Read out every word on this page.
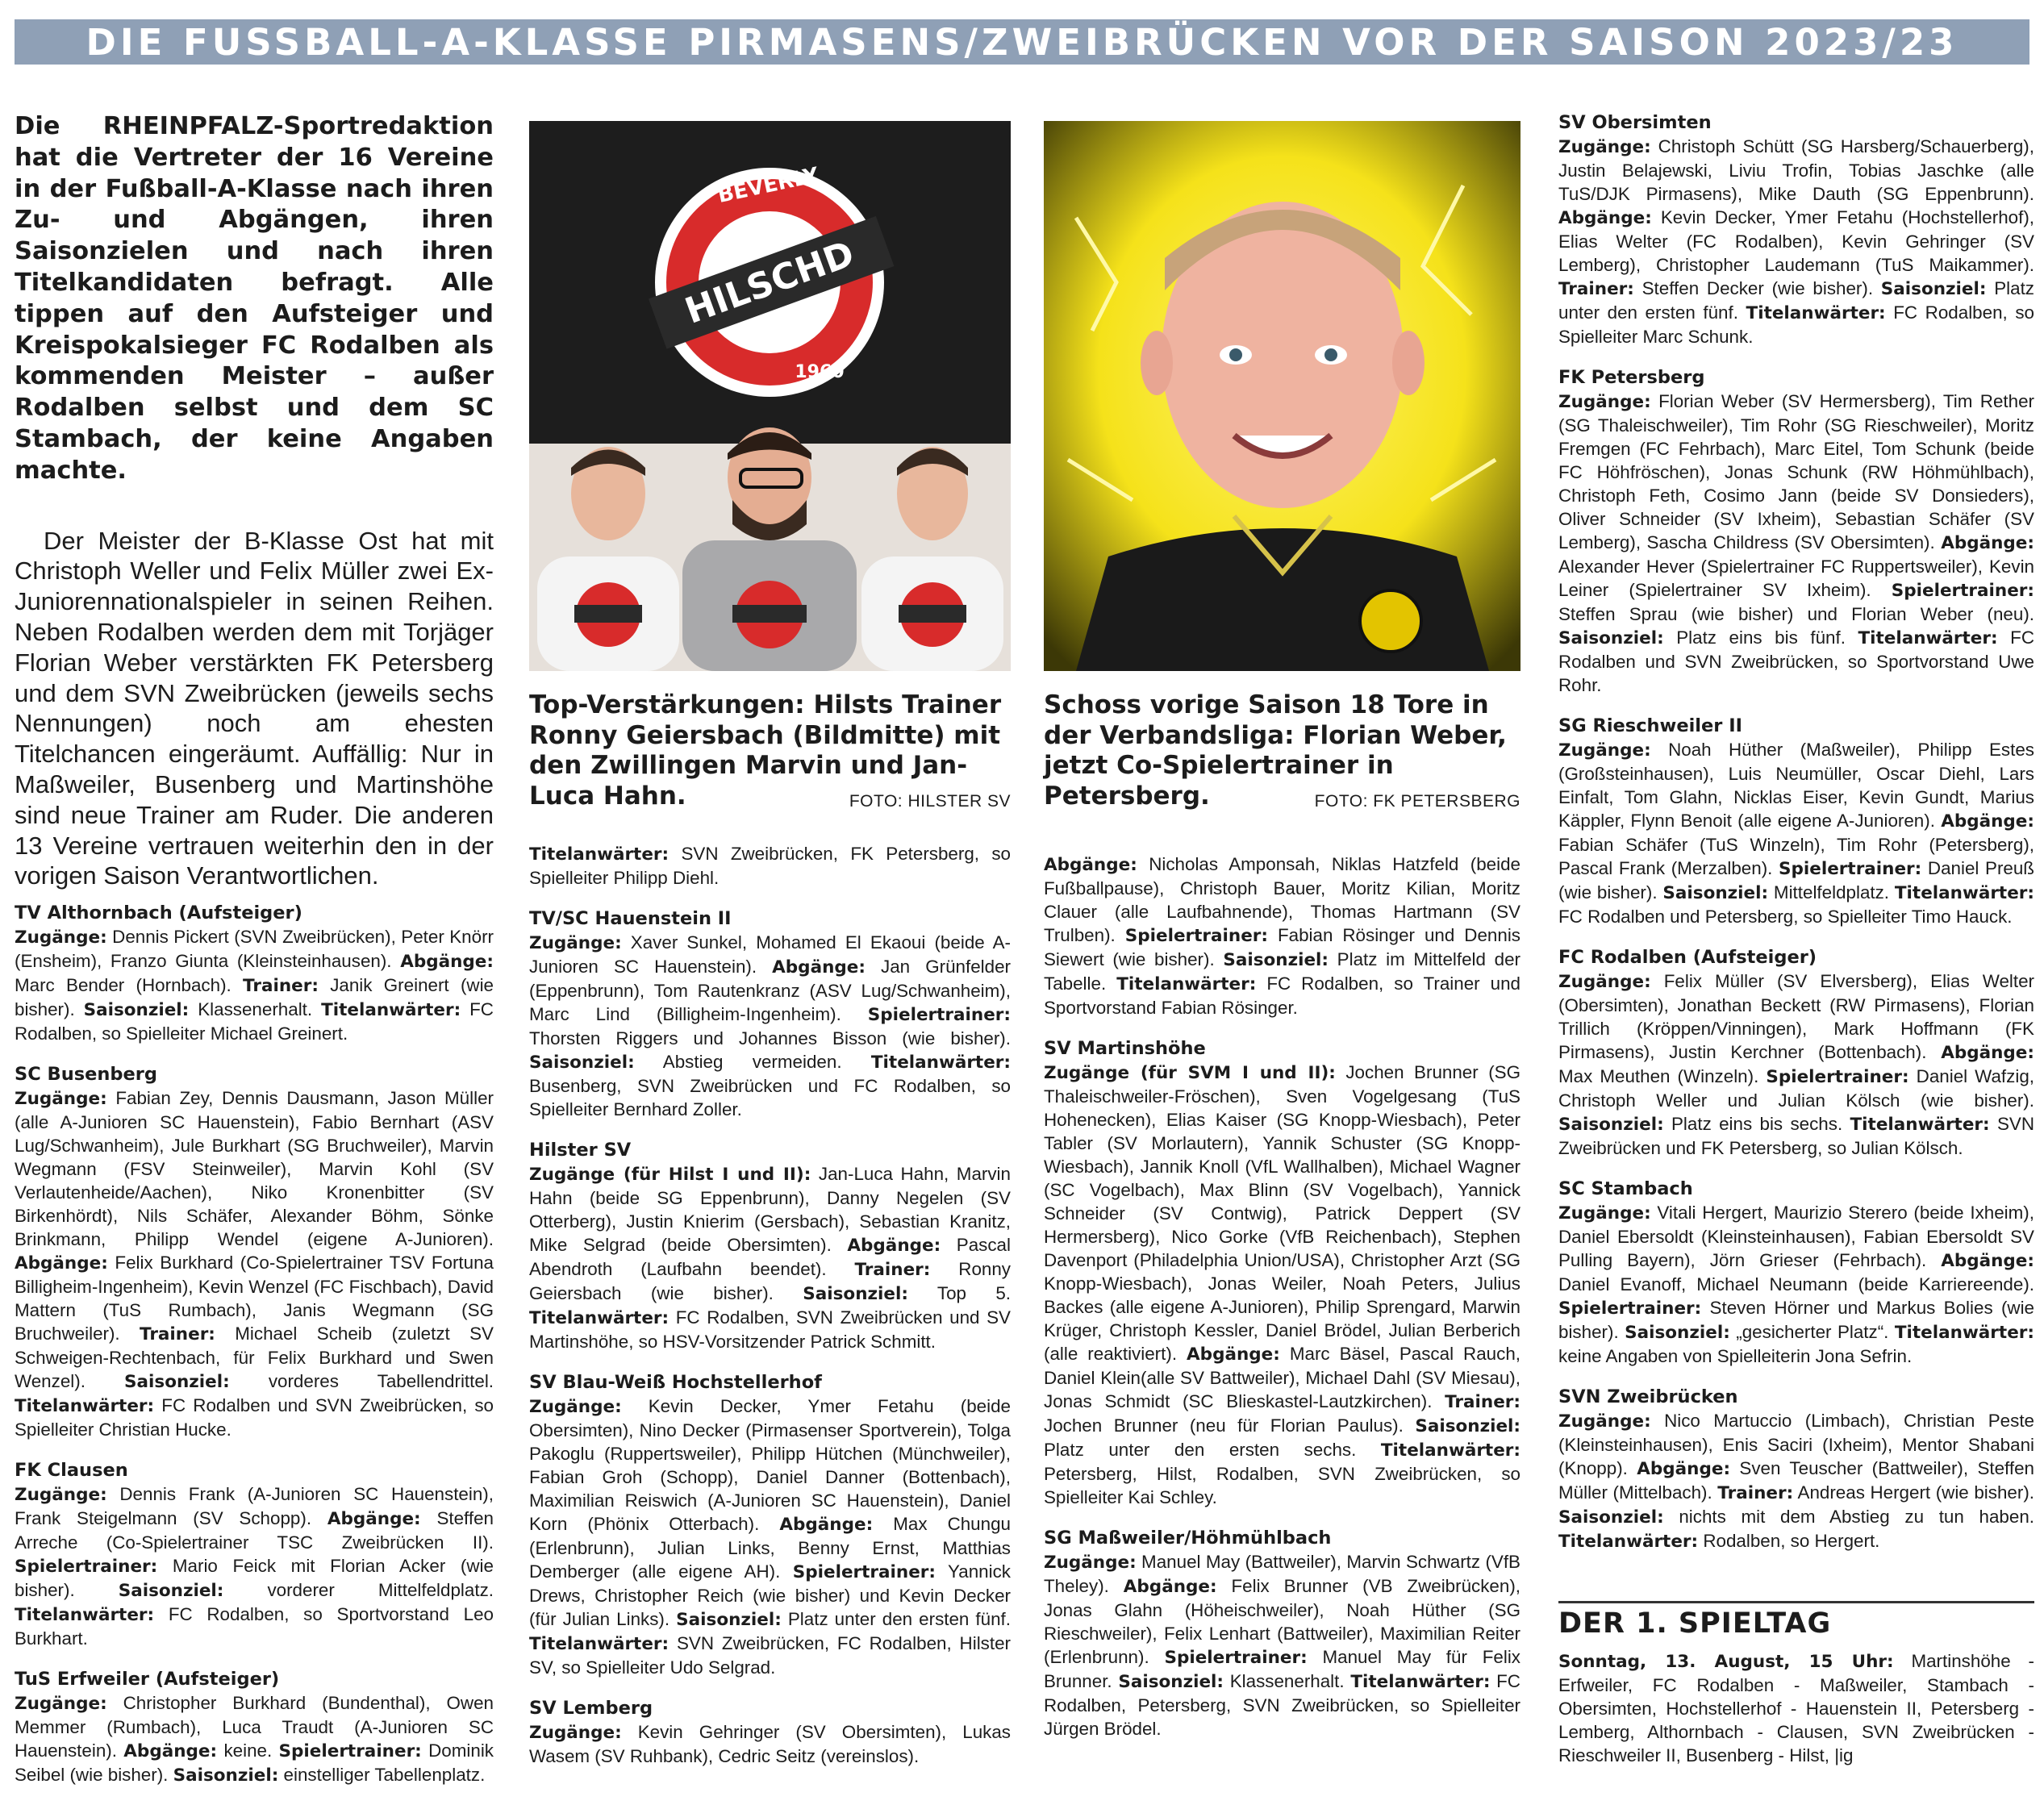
DIE FUSSBALL-A-KLASSE PIRMASENS/ZWEIBRÜCKEN VOR DER SAISON 2023/23

Die RHEINPFALZ-Sportredaktion hat die Vertreter der 16 Vereine in der Fußball-A-Klasse nach ihren Zu- und Abgängen, ihren Saisonzielen und nach ihren Titelkandidaten befragt. Alle tippen auf den Aufsteiger und Kreispokalsieger FC Rodalben als kommenden Meister – außer Rodalben selbst und dem SC Stambach, der keine Angaben machte.

Der Meister der B-Klasse Ost hat mit Christoph Weller und Felix Müller zwei Ex-Juniorennationalspieler in seinen Reihen. Neben Rodalben werden dem mit Torjäger Florian Weber verstärkten FK Petersberg und dem SVN Zweibrücken (jeweils sechs Nennungen) noch am ehesten Titelchancen eingeräumt. Auffällig: Nur in Maßweiler, Busenberg und Martinshöhe sind neue Trainer am Ruder. Die anderen 13 Vereine vertrauen weiterhin den in der vorigen Saison Verantwortlichen.

TV Althornbach (Aufsteiger)
Zugänge: Dennis Pickert (SVN Zweibrücken), Peter Knörr (Ensheim), Franzo Giunta (Kleinsteinhausen). Abgänge: Marc Bender (Hornbach). Trainer: Janik Greinert (wie bisher). Saisonziel: Klassenerhalt. Titelanwärter: FC Rodalben, so Spielleiter Michael Greinert.
SC Busenberg
Zugänge: Fabian Zey, Dennis Dausmann, Jason Müller (alle A-Junioren SC Hauenstein), Fabio Bernhart (ASV Lug/Schwanheim), Jule Burkhart (SG Bruchweiler), Marvin Wegmann (FSV Steinweiler), Marvin Kohl (SV Verlautenheide/Aachen), Niko Kronenbitter (SV Birkenhördt), Nils Schäfer, Alexander Böhm, Sönke Brinkmann, Philipp Wendel (eigene A-Junioren). Abgänge: Felix Burkhard (Co-Spielertrainer TSV Fortuna Billigheim-Ingenheim), Kevin Wenzel (FC Fischbach), David Mattern (TuS Rumbach), Janis Wegmann (SG Bruchweiler). Trainer: Michael Scheib (zuletzt SV Schweigen-Rechtenbach, für Felix Burkhard und Swen Wenzel). Saisonziel: vorderes Tabellendrittel. Titelanwärter: FC Rodalben und SVN Zweibrücken, so Spielleiter Christian Hucke.
FK Clausen
Zugänge: Dennis Frank (A-Junioren SC Hauenstein), Frank Steigelmann (SV Schopp). Abgänge: Steffen Arreche (Co-Spielertrainer TSC Zweibrücken II). Spielertrainer: Mario Feick mit Florian Acker (wie bisher). Saisonziel: vorderer Mittelfeldplatz. Titelanwärter: FC Rodalben, so Sportvorstand Leo Burkhart.
TuS Erfweiler (Aufsteiger)
Zugänge: Christopher Burkhard (Bundenthal), Owen Memmer (Rumbach), Luca Traudt (A-Junioren SC Hauenstein). Abgänge: keine. Spielertrainer: Dominik Seibel (wie bisher). Saisonziel: einstelliger Tabellenplatz.
HILSCHD
BEVERLY
1960
Top-Verstärkungen: Hilsts Trainer Ronny Geiersbach (Bildmitte) mit den Zwillingen Marvin und Jan-Luca Hahn.	FOTO: HILSTER SV
Titelanwärter: SVN Zweibrücken, FK Petersberg, so Spielleiter Philipp Diehl.
TV/SC Hauenstein II
Zugänge: Xaver Sunkel, Mohamed El Ekaoui (beide A-Junioren SC Hauenstein). Abgänge: Jan Grünfelder (Eppenbrunn), Tom Rautenkranz (ASV Lug/Schwanheim), Marc Lind (Billigheim-Ingenheim). Spielertrainer: Thorsten Riggers und Johannes Bisson (wie bisher). Saisonziel: Abstieg vermeiden. Titelanwärter: Busenberg, SVN Zweibrücken und FC Rodalben, so Spielleiter Bernhard Zoller.
Hilster SV
Zugänge (für Hilst I und II): Jan-Luca Hahn, Marvin Hahn (beide SG Eppenbrunn), Danny Negelen (SV Otterberg), Justin Knierim (Gersbach), Sebastian Kranitz, Mike Selgrad (beide Obersimten). Abgänge: Pascal Abendroth (Laufbahn beendet). Trainer: Ronny Geiersbach (wie bisher). Saisonziel: Top 5. Titelanwärter: FC Rodalben, SVN Zweibrücken und SV Martinshöhe, so HSV-Vorsitzender Patrick Schmitt.
SV Blau-Weiß Hochstellerhof
Zugänge: Kevin Decker, Ymer Fetahu (beide Obersimten), Nino Decker (Pirmasenser Sportverein), Tolga Pakoglu (Ruppertsweiler), Philipp Hütchen (Münchweiler), Fabian Groh (Schopp), Daniel Danner (Bottenbach), Maximilian Reiswich (A-Junioren SC Hauenstein), Daniel Korn (Phönix Otterbach). Abgänge: Max Chungu (Erlenbrunn), Julian Links, Benny Ernst, Matthias Demberger (alle eigene AH). Spielertrainer: Yannick Drews, Christopher Reich (wie bisher) und Kevin Decker (für Julian Links). Saisonziel: Platz unter den ersten fünf. Titelanwärter: SVN Zweibrücken, FC Rodalben, Hilster SV, so Spielleiter Udo Selgrad.
SV Lemberg
Zugänge: Kevin Gehringer (SV Obersimten), Lukas Wasem (SV Ruhbank), Cedric Seitz (vereinslos).
Schoss vorige Saison 18 Tore in der Verbandsliga: Florian Weber, jetzt Co-Spielertrainer in Petersberg.	FOTO: FK PETERSBERG
Abgänge: Nicholas Amponsah, Niklas Hatzfeld (beide Fußballpause), Christoph Bauer, Moritz Kilian, Moritz Clauer (alle Laufbahnende), Thomas Hartmann (SV Trulben). Spielertrainer: Fabian Rösinger und Dennis Siewert (wie bisher). Saisonziel: Platz im Mittelfeld der Tabelle. Titelanwärter: FC Rodalben, so Trainer und Sportvorstand Fabian Rösinger.
SV Martinshöhe
Zugänge (für SVM I und II): Jochen Brunner (SG Thaleischweiler-Fröschen), Sven Vogelgesang (TuS Hohenecken), Elias Kaiser (SG Knopp-Wiesbach), Peter Tabler (SV Morlautern), Yannik Schuster (SG Knopp-Wiesbach), Jannik Knoll (VfL Wallhalben), Michael Wagner (SC Vogelbach), Max Blinn (SV Vogelbach), Yannick Schneider (SV Contwig), Patrick Deppert (SV Hermersberg), Nico Gorke (VfB Reichenbach), Stephen Davenport (Philadelphia Union/USA), Christopher Arzt (SG Knopp-Wiesbach), Jonas Weiler, Noah Peters, Julius Backes (alle eigene A-Junioren), Philip Sprengard, Marwin Krüger, Christoph Kessler, Daniel Brödel, Julian Berberich (alle reaktiviert). Abgänge: Marc Bäsel, Pascal Rauch, Daniel Klein(alle SV Battweiler), Michael Dahl (SV Miesau), Jonas Schmidt (SC Blieskastel-Lautzkirchen). Trainer: Jochen Brunner (neu für Florian Paulus). Saisonziel: Platz unter den ersten sechs. Titelanwärter: Petersberg, Hilst, Rodalben, SVN Zweibrücken, so Spielleiter Kai Schley.
SG Maßweiler/Höhmühlbach
Zugänge: Manuel May (Battweiler), Marvin Schwartz (VfB Theley). Abgänge: Felix Brunner (VB Zweibrücken), Jonas Glahn (Höheischweiler), Noah Hüther (SG Rieschweiler), Felix Lenhart (Battweiler), Maximilian Reiter (Erlenbrunn). Spielertrainer: Manuel May für Felix Brunner. Saisonziel: Klassenerhalt. Titelanwärter: FC Rodalben, Petersberg, SVN Zweibrücken, so Spielleiter Jürgen Brödel.
SV Obersimten
Zugänge: Christoph Schütt (SG Harsberg/Schauerberg), Justin Belajewski, Liviu Trofin, Tobias Jaschke (alle TuS/DJK Pirmasens), Mike Dauth (SG Eppenbrunn). Abgänge: Kevin Decker, Ymer Fetahu (Hochstellerhof), Elias Welter (FC Rodalben), Kevin Gehringer (SV Lemberg), Christopher Laudemann (TuS Maikammer). Trainer: Steffen Decker (wie bisher). Saisonziel: Platz unter den ersten fünf. Titelanwärter: FC Rodalben, so Spielleiter Marc Schunk.
FK Petersberg
Zugänge: Florian Weber (SV Hermersberg), Tim Rether (SG Thaleischweiler), Tim Rohr (SG Rieschweiler), Moritz Fremgen (FC Fehrbach), Marc Eitel, Tom Schunk (beide FC Höhfröschen), Jonas Schunk (RW Höhmühlbach), Christoph Feth, Cosimo Jann (beide SV Donsieders), Oliver Schneider (SV Ixheim), Sebastian Schäfer (SV Lemberg), Sascha Childress (SV Obersimten). Abgänge: Alexander Hever (Spielertrainer FC Ruppertsweiler), Kevin Leiner (Spielertrainer SV Ixheim). Spielertrainer: Steffen Sprau (wie bisher) und Florian Weber (neu). Saisonziel: Platz eins bis fünf. Titelanwärter: FC Rodalben und SVN Zweibrücken, so Sportvorstand Uwe Rohr.
SG Rieschweiler II
Zugänge: Noah Hüther (Maßweiler), Philipp Estes (Großsteinhausen), Luis Neumüller, Oscar Diehl, Lars Einfalt, Tom Glahn, Nicklas Eiser, Kevin Gundt, Marius Käppler, Flynn Benoit (alle eigene A-Junioren). Abgänge: Fabian Schäfer (TuS Winzeln), Tim Rohr (Petersberg), Pascal Frank (Merzalben). Spielertrainer: Daniel Preuß (wie bisher). Saisonziel: Mittelfeldplatz. Titelanwärter: FC Rodalben und Petersberg, so Spielleiter Timo Hauck.
FC Rodalben (Aufsteiger)
Zugänge: Felix Müller (SV Elversberg), Elias Welter (Obersimten), Jonathan Beckett (RW Pirmasens), Florian Trillich (Kröppen/Vinningen), Mark Hoffmann (FK Pirmasens), Justin Kerchner (Bottenbach). Abgänge: Max Meuthen (Winzeln). Spielertrainer: Daniel Wafzig, Christoph Weller und Julian Kölsch (wie bisher). Saisonziel: Platz eins bis sechs. Titelanwärter: SVN Zweibrücken und FK Petersberg, so Julian Kölsch.
SC Stambach
Zugänge: Vitali Hergert, Maurizio Sterero (beide Ixheim), Daniel Ebersoldt (Kleinsteinhausen), Fabian Ebersoldt SV Pulling Bayern), Jörn Grieser (Fehrbach). Abgänge: Daniel Evanoff, Michael Neumann (beide Karriereende). Spielertrainer: Steven Hörner und Markus Bolies (wie bisher). Saisonziel: „gesicherter Platz“. Titelanwärter: keine Angaben von Spielleiterin Jona Sefrin.
SVN Zweibrücken
Zugänge: Nico Martuccio (Limbach), Christian Peste (Kleinsteinhausen), Enis Saciri (Ixheim), Mentor Shabani (Knopp). Abgänge: Sven Teuscher (Battweiler), Steffen Müller (Mittelbach). Trainer: Andreas Hergert (wie bisher). Saisonziel: nichts mit dem Abstieg zu tun haben. Titelanwärter: Rodalben, so Hergert.
DER 1. SPIELTAG
Sonntag, 13. August, 15 Uhr: Martinshöhe - Erfweiler, FC Rodalben - Maßweiler, Stambach - Obersimten, Hochstellerhof - Hauenstein II, Petersberg - Lemberg, Althornbach - Clausen, SVN Zweibrücken - Rieschweiler II, Busenberg - Hilst, |ig
